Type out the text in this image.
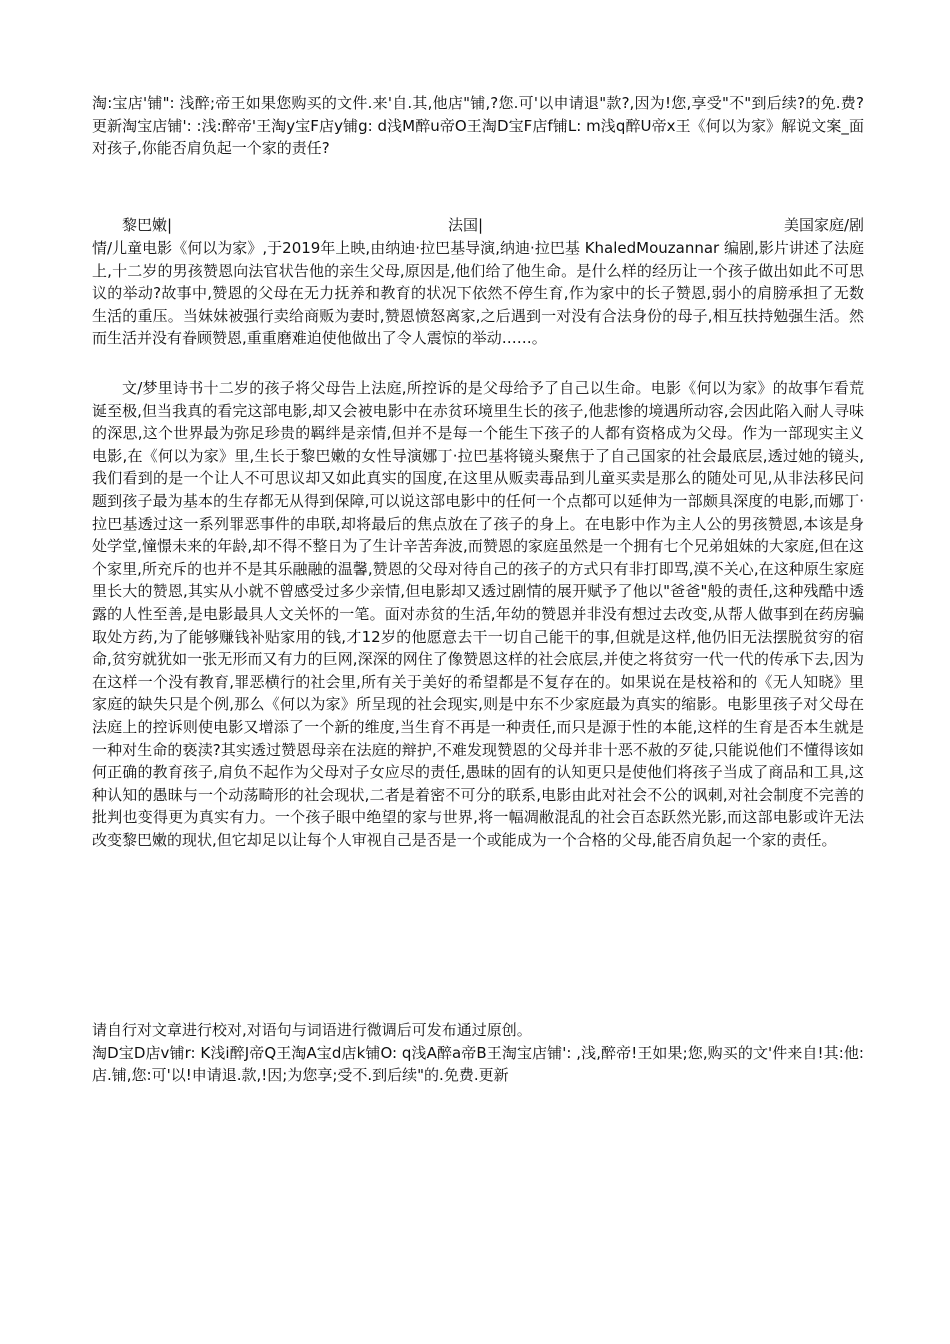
淘:宝店'铺": 浅醉;帝王如果您购买的文件.来'自.其,他店"铺,?您.可'以申请退"款?,因为!您,享受"不"到后续?的免.费?更新淘宝店铺': :浅:醉帝'王淘y宝F店y铺g: d浅M醉u帝O王淘D宝F店f铺L: m浅q醉U帝x王《何以为家》解说文案_面对孩子,你能否肩负起一个家的责任?

黎巴嫩|	法国|	美国家庭/剧

情/儿童电影《何以为家》,于2019年上映,由纳迪·拉巴基导演,纳迪·拉巴基 KhaledMouzannar 编剧,影片讲述了法庭上,十二岁的男孩赞恩向法官状告他的亲生父母,原因是,他们给了他生命。是什么样的经历让一个孩子做出如此不可思议的举动?故事中,赞恩的父母在无力抚养和教育的状况下依然不停生育,作为家中的长子赞恩,弱小的肩膀承担了无数生活的重压。当妹妹被强行卖给商贩为妻时,赞恩愤怒离家,之后遇到一对没有合法身份的母子,相互扶持勉强生活。然而生活并没有眷顾赞恩,重重磨难迫使他做出了令人震惊的举动……。

文/梦里诗书十二岁的孩子将父母告上法庭,所控诉的是父母给予了自己以生命。电影《何以为家》的故事乍看荒诞至极,但当我真的看完这部电影,却又会被电影中在赤贫环境里生长的孩子,他悲惨的境遇所动容,会因此陷入耐人寻味的深思,这个世界最为弥足珍贵的羁绊是亲情,但并不是每一个能生下孩子的人都有资格成为父母。作为一部现实主义电影,在《何以为家》里,生长于黎巴嫩的女性导演娜丁·拉巴基将镜头聚焦于了自己国家的社会最底层,透过她的镜头,我们看到的是一个让人不可思议却又如此真实的国度,在这里从贩卖毒品到儿童买卖是那么的随处可见,从非法移民问题到孩子最为基本的生存都无从得到保障,可以说这部电影中的任何一个点都可以延伸为一部颇具深度的电影,而娜丁·拉巴基透过这一系列罪恶事件的串联,却将最后的焦点放在了孩子的身上。在电影中作为主人公的男孩赞恩,本该是身处学堂,憧憬未来的年龄,却不得不整日为了生计辛苦奔波,而赞恩的家庭虽然是一个拥有七个兄弟姐妹的大家庭,但在这个家里,所充斥的也并不是其乐融融的温馨,赞恩的父母对待自己的孩子的方式只有非打即骂,漠不关心,在这种原生家庭里长大的赞恩,其实从小就不曾感受过多少亲情,但电影却又透过剧情的展开赋予了他以"爸爸"般的责任,这种残酷中透露的人性至善,是电影最具人文关怀的一笔。面对赤贫的生活,年幼的赞恩并非没有想过去改变,从帮人做事到在药房骗取处方药,为了能够赚钱补贴家用的钱,才12岁的他愿意去干一切自己能干的事,但就是这样,他仍旧无法摆脱贫穷的宿命,贫穷就犹如一张无形而又有力的巨网,深深的网住了像赞恩这样的社会底层,并使之将贫穷一代一代的传承下去,因为在这样一个没有教育,罪恶横行的社会里,所有关于美好的希望都是不复存在的。如果说在是枝裕和的《无人知晓》里家庭的缺失只是个例,那么《何以为家》所呈现的社会现实,则是中东不少家庭最为真实的缩影。电影里孩子对父母在法庭上的控诉则使电影又增添了一个新的维度,当生育不再是一种责任,而只是源于性的本能,这样的生育是否本生就是一种对生命的亵渎?其实透过赞恩母亲在法庭的辩护,不难发现赞恩的父母并非十恶不赦的歹徒,只能说他们不懂得该如何正确的教育孩子,肩负不起作为父母对子女应尽的责任,愚昧的固有的认知更只是使他们将孩子当成了商品和工具,这种认知的愚昧与一个动荡畸形的社会现状,二者是着密不可分的联系,电影由此对社会不公的讽刺,对社会制度不完善的批判也变得更为真实有力。一个孩子眼中绝望的家与世界,将一幅凋敝混乱的社会百态跃然光影,而这部电影或许无法改变黎巴嫩的现状,但它却足以让每个人审视自己是否是一个或能成为一个合格的父母,能否肩负起一个家的责任。

请自行对文章进行校对,对语句与词语进行微调后可发布通过原创。

淘D宝D店v铺r: K浅i醉J帝Q王淘A宝d店k铺O: q浅A醉a帝B王淘宝店铺': ,浅,醉帝!王如果;您,购买的文'件来自!其:他:店.铺,您:可'以!申请退.款,!因;为您享;受不.到后续"的.免费.更新
